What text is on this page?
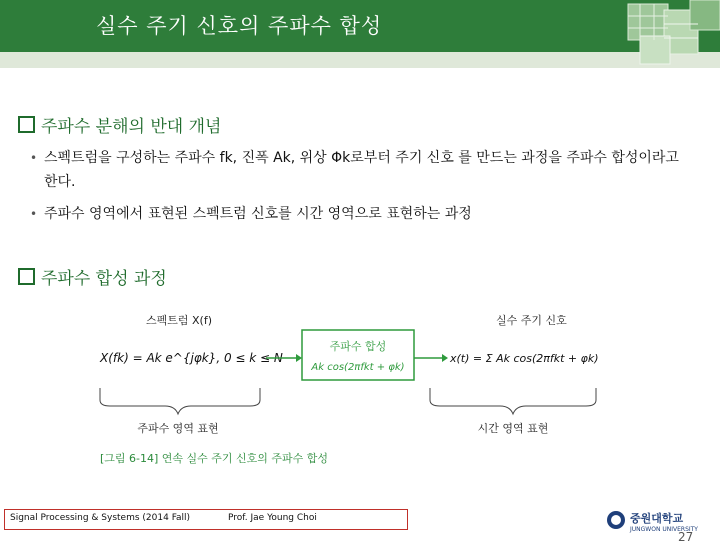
실수 주기 신호의 주파수 합성
주파수 분해의 반대 개념
• 스펙트럼을 구성하는 주파수 fk, 진폭 Ak, 위상 Φk로부터 주기 신호 를 만드는 과정을 주파수 합성이라고 한다.
• 주파수 영역에서 표현된 스펙트럼 신호를 시간 영역으로 표현하는 과정
주파수 합성 과정
스펙트럼 X(f)	실수 주기 신호
X(fk) = Ak e^{jφk}, 0 ≤ k ≤ N
주파수 합성
Ak cos(2πfkt + φk)
x(t) = Σ Ak cos(2πfkt + φk)
주파수 영역 표현	시간 영역 표현
[그림 6-14] 연속 실수 주기 신호의 주파수 합성
Signal Processing & Systems (2014 Fall)	Prof. Jae Young Choi	중원대학교
JUNGWON UNIVERSITY
27
